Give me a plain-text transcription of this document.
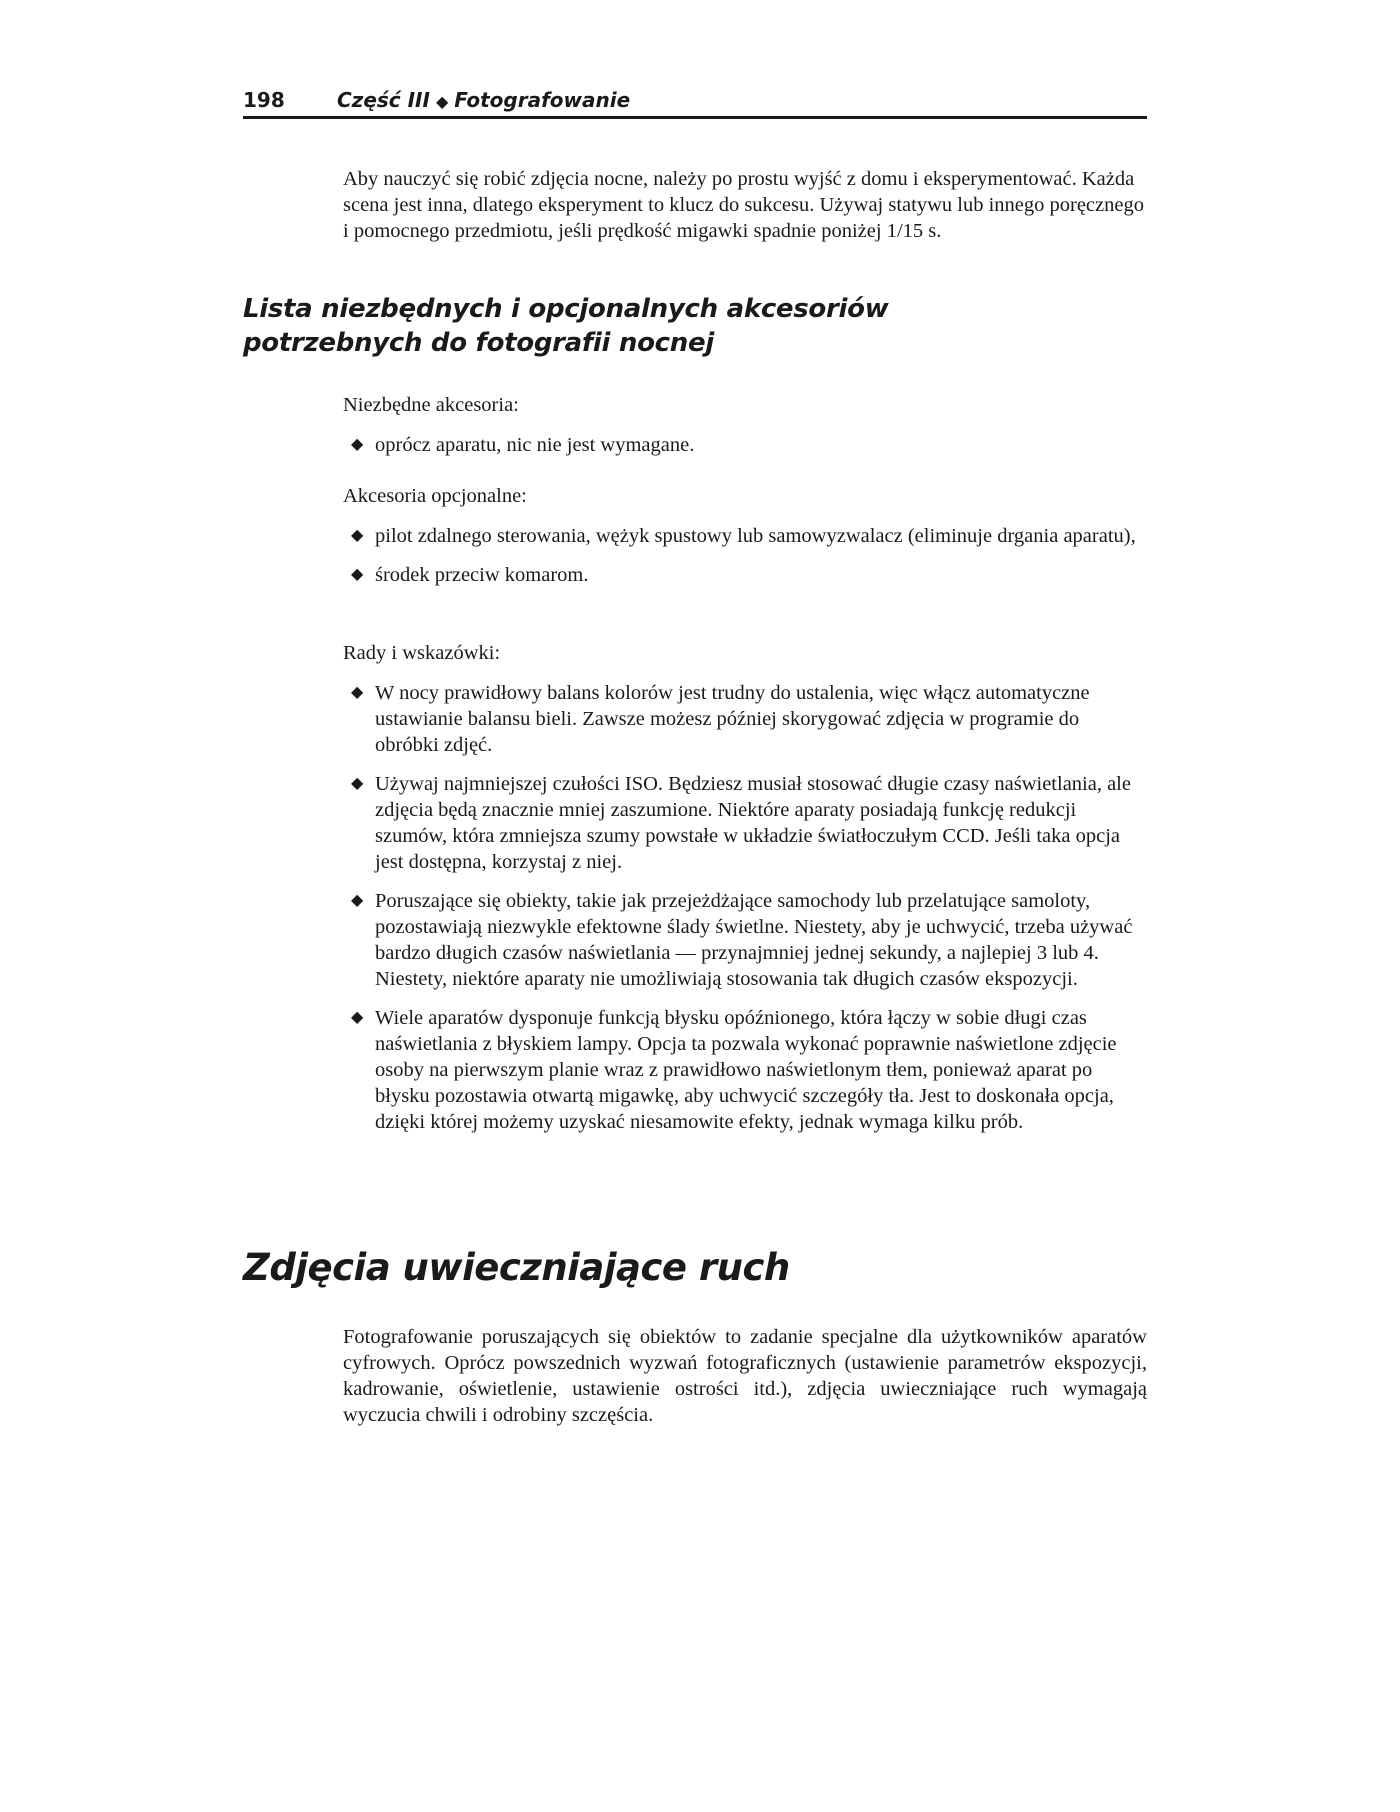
198	Część III ◆ Fotografowanie

Aby nauczyć się robić zdjęcia nocne, należy po prostu wyjść z domu i eksperymentować. Każda scena jest inna, dlatego eksperyment to klucz do sukcesu. Używaj statywu lub innego poręcznego i pomocnego przedmiotu, jeśli prędkość migawki spadnie poniżej 1/15 s.

Lista niezbędnych i opcjonalnych akcesoriów
potrzebnych do fotografii nocnej

Niezbędne akcesoria:

◆ oprócz aparatu, nic nie jest wymagane.

Akcesoria opcjonalne:

◆ pilot zdalnego sterowania, wężyk spustowy lub samowyzwalacz (eliminuje drgania aparatu),
◆ środek przeciw komarom.

Rady i wskazówki:

◆ W nocy prawidłowy balans kolorów jest trudny do ustalenia, więc włącz automatyczne ustawianie balansu bieli. Zawsze możesz później skorygować zdjęcia w programie do obróbki zdjęć.
◆ Używaj najmniejszej czułości ISO. Będziesz musiał stosować długie czasy naświetlania, ale zdjęcia będą znacznie mniej zaszumione. Niektóre aparaty posiadają funkcję redukcji szumów, która zmniejsza szumy powstałe w układzie światłoczułym CCD. Jeśli taka opcja jest dostępna, korzystaj z niej.
◆ Poruszające się obiekty, takie jak przejeżdżające samochody lub przelatujące samoloty, pozostawiają niezwykle efektowne ślady świetlne. Niestety, aby je uchwycić, trzeba używać bardzo długich czasów naświetlania — przynajmniej jednej sekundy, a najlepiej 3 lub 4. Niestety, niektóre aparaty nie umożliwiają stosowania tak długich czasów ekspozycji.
◆ Wiele aparatów dysponuje funkcją błysku opóźnionego, która łączy w sobie długi czas naświetlania z błyskiem lampy. Opcja ta pozwala wykonać poprawnie naświetlone zdjęcie osoby na pierwszym planie wraz z prawidłowo naświetlonym tłem, ponieważ aparat po błysku pozostawia otwartą migawkę, aby uchwycić szczegóły tła. Jest to doskonała opcja, dzięki której możemy uzyskać niesamowite efekty, jednak wymaga kilku prób.
Zdjęcia uwieczniające ruch

Fotografowanie poruszających się obiektów to zadanie specjalne dla użytkowników aparatów cyfrowych. Oprócz powszednich wyzwań fotograficznych (ustawienie parametrów ekspozycji, kadrowanie, oświetlenie, ustawienie ostrości itd.), zdjęcia uwieczniające ruch wymagają wyczucia chwili i odrobiny szczęścia.
